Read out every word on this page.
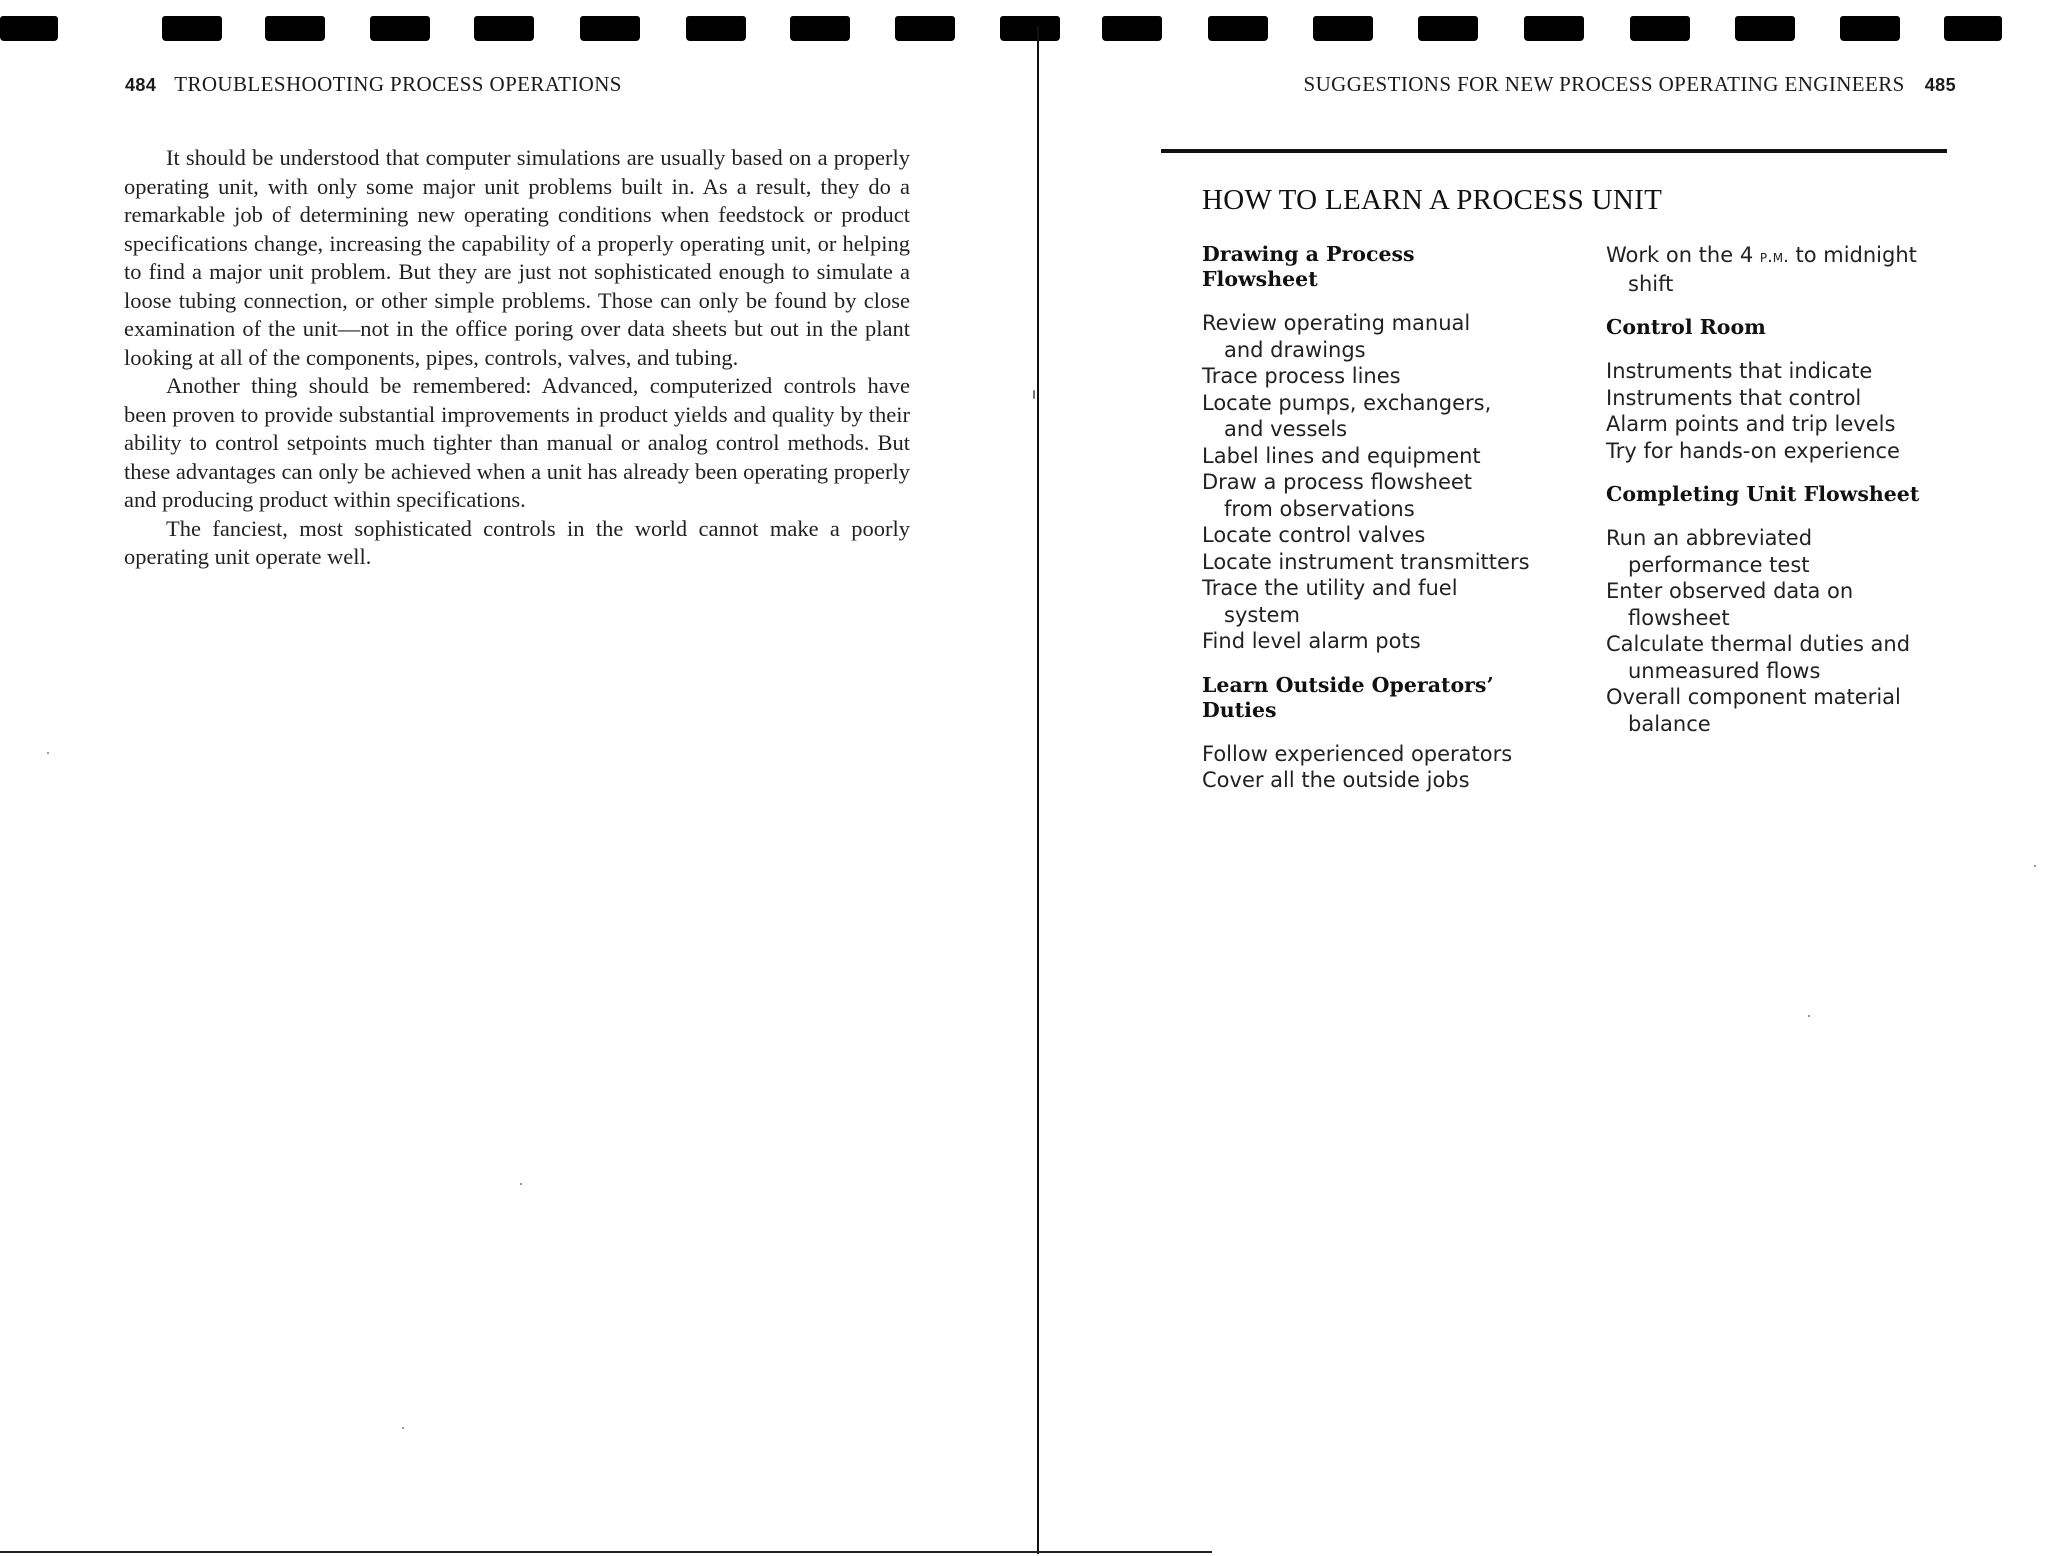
484 TROUBLESHOOTING PROCESS OPERATIONS

It should be understood that computer simulations are usually based on a properly operating unit, with only some major unit problems built in. As a result, they do a remarkable job of determining new operating conditions when feedstock or product specifications change, increasing the capability of a properly operating unit, or helping to find a major unit problem. But they are just not sophisticated enough to simulate a loose tubing connection, or other simple problems. Those can only be found by close examination of the unit—not in the office poring over data sheets but out in the plant looking at all of the components, pipes, controls, valves, and tubing.

Another thing should be remembered: Advanced, computerized controls have been proven to provide substantial improvements in product yields and quality by their ability to control setpoints much tighter than manual or analog control methods. But these advantages can only be achieved when a unit has already been operating properly and producing product within specifications.

The fanciest, most sophisticated controls in the world cannot make a poorly operating unit operate well.

SUGGESTIONS FOR NEW PROCESS OPERATING ENGINEERS 485
HOW TO LEARN A PROCESS UNIT
Drawing a Process
Flowsheet
Review operating manual
and drawings
Trace process lines
Locate pumps, exchangers,
and vessels
Label lines and equipment
Draw a process flowsheet
from observations
Locate control valves
Locate instrument transmitters
Trace the utility and fuel
system
Find level alarm pots
Learn Outside Operators’
Duties
Follow experienced operators
Cover all the outside jobs
Work on the 4 p.m. to midnight
shift
Control Room
Instruments that indicate
Instruments that control
Alarm points and trip levels
Try for hands-on experience
Completing Unit Flowsheet
Run an abbreviated
performance test
Enter observed data on
flowsheet
Calculate thermal duties and
unmeasured flows
Overall component material
balance
